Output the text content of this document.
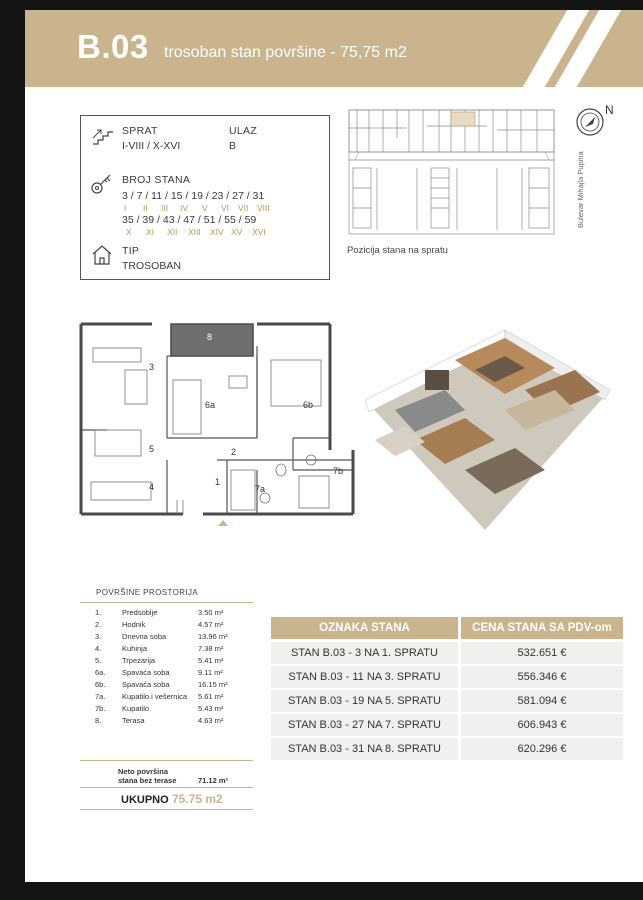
B.03 trosoban stan površine - 75,75 m2
SPRAT
I-VIII / X-XVI
ULAZ
B
BROJ STANA
3 / 7 / 11 / 15 / 19 / 23 / 27 / 31
I II III IV V VI VII VIII
35 / 39 / 43 / 47 / 51 / 55 / 59
X XI XII XIII XIV XV XVI
TIP
TROSOBAN
Pozicija stana na spratu
Bulevar Mihajla Pupina
N
1
2
3
4
5
6a	6b
7a
7b
8
POVRŠINE PROSTORIJA
1.	Predsoblje	3.50 m²
2.	Hodnik	4.57 m²
3.	Dnevna soba	13.96 m²
4.	Kuhinja	7.38 m²
5.	Trpezarija	5.41 m²
6a. Spavaća soba	9.11 m²
6b. Spavaća soba	16.15 m²
7a. Kupatilo i vešernica 5.61 m²
7b. Kupatilo	5.43 m²
8.	Terasa	4.63 m²
Neto površina
stana bez terase	71.12 m²
UKUPNO 75.75 m2
OZNAKA STANA	CENA STANA SA PDV-om
STAN B.03 - 3 NA 1. SPRATU	532.651 €
STAN B.03 - 11 NA 3. SPRATU	556.346 €
STAN B.03 - 19 NA 5. SPRATU	581.094 €
STAN B.03 - 27 NA 7. SPRATU	606.943 €
STAN B.03 - 31 NA 8. SPRATU	620.296 €
